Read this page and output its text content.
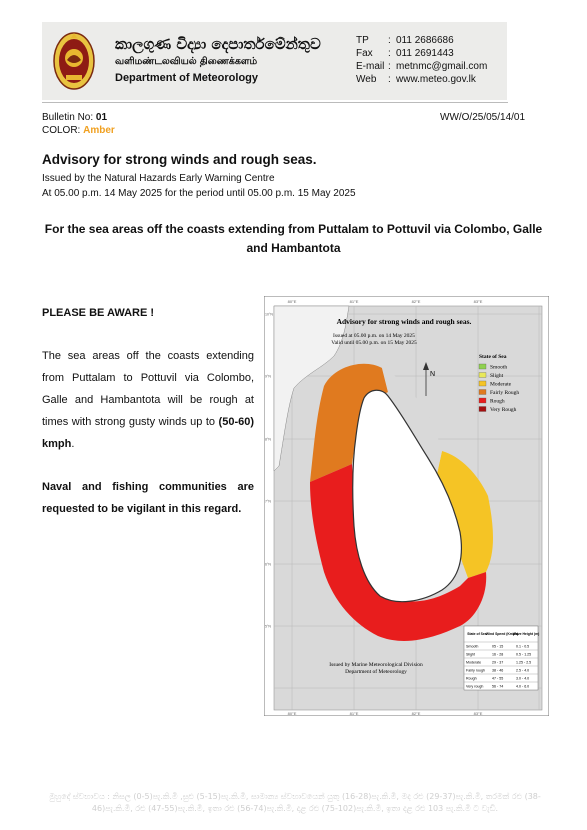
කාලගුණ විද්‍යා දෙපාර්තමේන්තුව
வளிமண்டலவியல் திணைக்களம்
Department of Meteorology
TP	: 011 2686686
Fax	: 011 2691443
E-mail : metnmc@gmail.com
Web	: www.meteo.gov.lk
Bulletin No: 01
COLOR: Amber
WW/O/25/05/14/01
Advisory for strong winds and rough seas.
Issued by the Natural Hazards Early Warning Centre
At 05.00 p.m. 14 May 2025 for the period until 05.00 p.m. 15 May 2025
For the sea areas off the coasts extending from Puttalam to Pottuvil via Colombo, Galle and Hambantota
PLEASE BE AWARE !
The sea areas off the coasts extending from Puttalam to Pottuvil via Colombo, Galle and Hambantota will be rough at times with strong gusty winds up to (50-60) kmph.
Naval and fishing communities are requested to be vigilant in this regard.
N
Advisory for strong winds and rough seas.
Issued at 05.00 p.m. on 14 May 2025
Valid until 05.00 p.m. on 15 May 2025
Issued by Marine Meteorological Division
Department of Meteorology
State of Sea
Smooth
Slight
Moderate
Fairly Rough
Rough
Very Rough
State of Sea Wind Speed (Kmph)
Wave Height (m)
Smooth	05 - 15	0.1 - 0.5
Slight	16 - 28	0.5 - 1.25
Moderate	29 - 37	1.25 - 2.5
Fairly rough 38 - 46	2.5 - 4.0
Rough	47 - 55	3.0 - 4.0
Very rough 56 - 74	4.0 - 6.0
80°E
80°E
81°E
81°E
82°E
82°E
83°E
83°E
10°N
9°N
8°N
7°N
6°N
5°N
මුහුදේ ස්වභාවය : නිසල (0-5)පැ.කි.මී ,සුළු (5-15)පැ.කි.මී, සාමාන්‍ය ස්වභාවයෙන් යුතු (16-28)පැ.කි.මී, මද රළු (29-37)පැ.කි.මී, තරමක් රළු (38-46)පැ.කි.මී, රළු (47-55)පැ.කි.මී, ඉතා රළු (56-74)පැ.කි.මී, දළ රළු (75-102)පැ.කි.මී, ඉතා දළ රළු 103 පැ.කි.මී ට වැඩි.
